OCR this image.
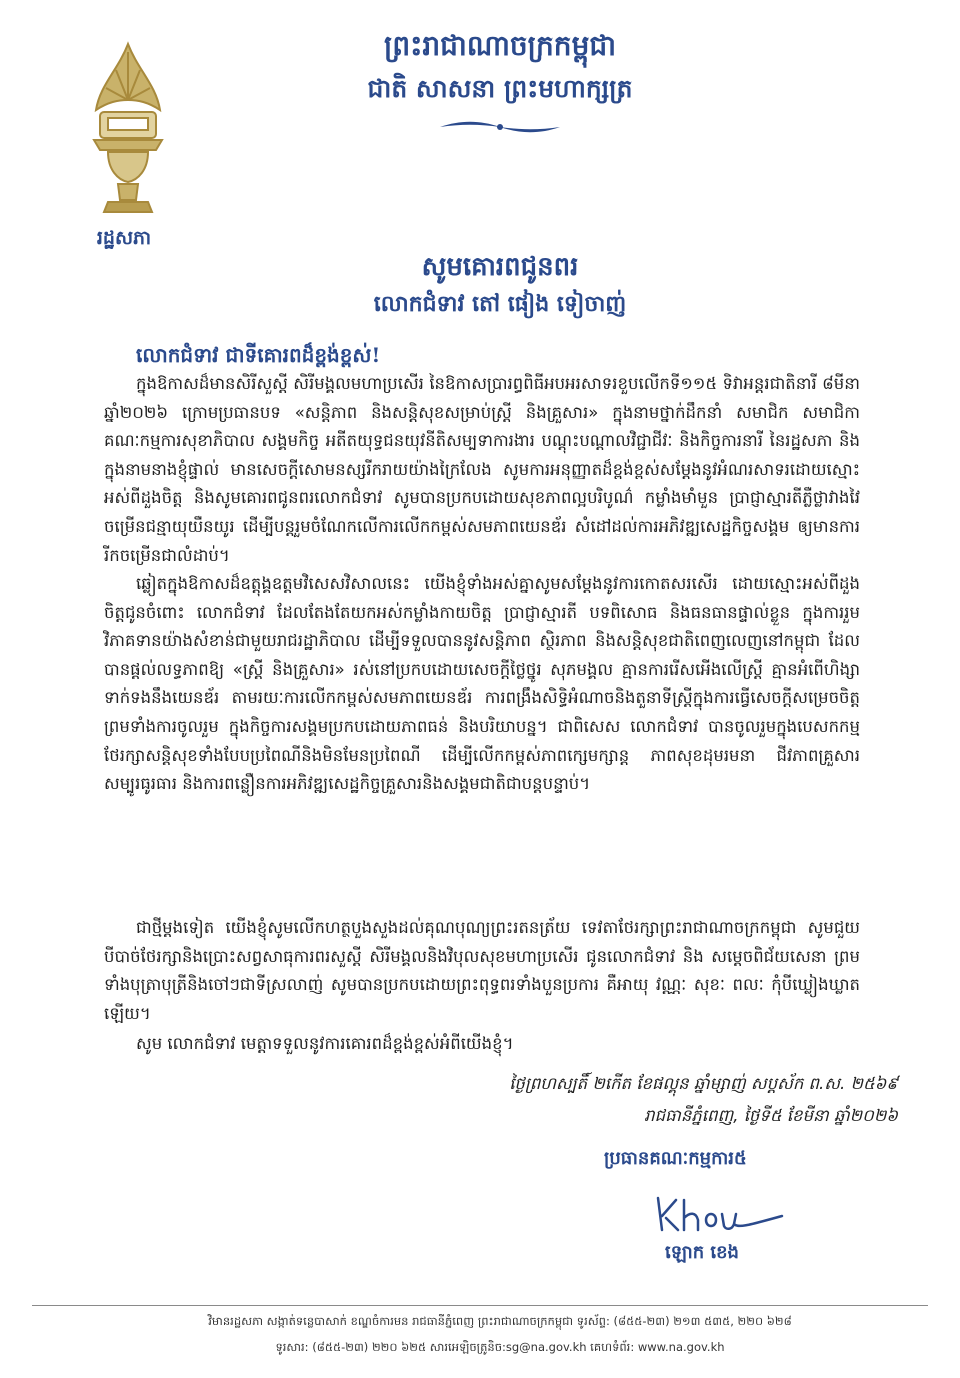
រដ្ឋសភា
ព្រះរាជាណាចក្រកម្ពុជា
ជាតិ សាសនា ព្រះមហាក្សត្រ
សូមគោរពជូនពរ
លោកជំទាវ តៅ ផៀង ទៀចាញ់
លោកជំទាវ ជាទីគោរពដ៏ខ្ពង់ខ្ពស់!

ក្នុងឱកាសដ៏មានសិរីសួស្តី សិរីមង្គលមហាប្រសើរ នៃឱកាសប្រារព្ធពិធីអបអរសាទរខួបលើកទី១១៥ ទិវាអន្តរជាតិនារី ៨មីនា ឆ្នាំ២០២៦ ក្រោមប្រធានបទ «សន្តិភាព និងសន្តិសុខសម្រាប់ស្ត្រី និងគ្រួសារ» ក្នុងនាមថ្នាក់ដឹកនាំ សមាជិក សមាជិកា គណៈកម្មការសុខាភិបាល សង្គមកិច្ច អតីតយុទ្ធជនយុវនីតិសម្បទាការងារ បណ្ដុះបណ្ដាលវិជ្ជាជីវៈ និងកិច្ចការនារី នៃរដ្ឋសភា និងក្នុងនាមនាងខ្ញុំផ្ទាល់ មានសេចក្ដីសោមនស្សរីករាយយ៉ាងក្រៃលែង សូមការអនុញ្ញាតដ៏ខ្ពង់ខ្ពស់សម្ដែងនូវអំណរសាទរដោយស្មោះអស់ពីដួងចិត្ត និងសូមគោរពជូនពរលោកជំទាវ សូមបានប្រកបដោយសុខភាពល្អបរិបូណ៌ កម្លាំងមាំមួន ប្រាជ្ញាស្មារតីភ្លឺថ្លាវាងវៃ ចម្រើនជន្មាយុយឺនយូរ ដើម្បីបន្តរួមចំណែកលើការលើកកម្ពស់សមភាពយេនឌ័រ សំដៅដល់ការអភិវឌ្ឍសេដ្ឋកិច្ចសង្គម ឲ្យមានការរីកចម្រើនជាលំដាប់។

ឆ្លៀតក្នុងឱកាសដ៏ឧត្តុង្គឧត្តមវិសេសវិសាលនេះ យើងខ្ញុំទាំងអស់គ្នាសូមសម្ដែងនូវការកោតសរសើរ ដោយស្មោះអស់ពីដួងចិត្តជូនចំពោះ លោកជំទាវ ដែលតែងតែយកអស់កម្លាំងកាយចិត្ត ប្រាជ្ញាស្មារតី បទពិសោធ និងធនធានផ្ទាល់ខ្លួន ក្នុងការរួមវិភាគទានយ៉ាងសំខាន់ជាមួយរាជរដ្ឋាភិបាល ដើម្បីទទួលបាននូវសន្តិភាព ស្ថិរភាព និងសន្តិសុខជាតិពេញលេញនៅកម្ពុជា ដែលបានផ្ដល់លទ្ធភាពឱ្យ «ស្ត្រី និងគ្រួសារ» រស់នៅប្រកបដោយសេចក្ដីថ្លៃថ្នូរ សុភមង្គល គ្មានការរើសអើងលើស្ត្រី គ្មានអំពើហិង្សាទាក់ទងនឹងយេនឌ័រ តាមរយៈការលើកកម្ពស់សមភាពយេនឌ័រ ការពង្រឹងសិទ្ធិអំណាចនិងតួនាទីស្ត្រីក្នុងការធ្វើសេចក្ដីសម្រេចចិត្ត ព្រមទាំងការចូលរួម ក្នុងកិច្ចការសង្គមប្រកបដោយភាពធន់ និងបរិយាបន្ន។ ជាពិសេស លោកជំទាវ បានចូលរួមក្នុងបេសកកម្ម ថែរក្សាសន្តិសុខទាំងបែបប្រពៃណីនិងមិនមែនប្រពៃណី ដើម្បីលើកកម្ពស់ភាពក្សេមក្សាន្ត ភាពសុខដុមរមនា ជីវភាពគ្រួសារសម្បូរធូរធារ និងការពន្លឿនការអភិវឌ្ឍសេដ្ឋកិច្ចគ្រួសារនិងសង្គមជាតិជាបន្តបន្ទាប់។

ជាថ្មីម្ដងទៀត យើងខ្ញុំសូមលើកហត្ថបួងសួងដល់គុណបុណ្យព្រះរតនត្រ័យ ទេវតាថែរក្សាព្រះរាជាណាចក្រកម្ពុជា សូមជួយបីបាច់ថែរក្សានិងប្រោះសព្វសាធុការពរសួស្ដី សិរីមង្គលនិងវិបុលសុខមហាប្រសើរ ជូនលោកជំទាវ និង សម្ដេចពិជ័យសេនា ព្រមទាំងបុត្រាបុត្រីនិងចៅៗជាទីស្រលាញ់ សូមបានប្រកបដោយព្រះពុទ្ធពរទាំងបួនប្រការ គឺអាយុ វណ្ណៈ សុខៈ ពលៈ កុំបីឃ្លៀងឃ្លាតឡើយ។

សូម លោកជំទាវ មេត្តាទទួលនូវការគោរពដ៏ខ្ពង់ខ្ពស់អំពីយើងខ្ញុំ។

ថ្ងៃព្រហស្បតិ៍ ២កើត ខែផល្គុន ឆ្នាំម្សាញ់ សប្តស័ក ព.ស. ២៥៦៩
រាជធានីភ្នំពេញ, ថ្ងៃទី៥ ខែមីនា ឆ្នាំ២០២៦
ប្រធានគណៈកម្មការ៥
ឡោក ខេង
វិមានរដ្ឋសភា សង្កាត់ទន្លេបាសាក់ ខណ្ឌចំការមន រាជធានីភ្នំពេញ ព្រះរាជាណាចក្រកម្ពុជា ទូរស័ព្ទ: (៨៥៥-២៣) ២១៣ ៥៣៥, ២២០ ៦២៨
ទូរសារ: (៨៥៥-២៣) ២២០ ៦២៥ សារអេឡិចត្រូនិច:sg@na.gov.kh គេហទំព័រ: www.na.gov.kh
